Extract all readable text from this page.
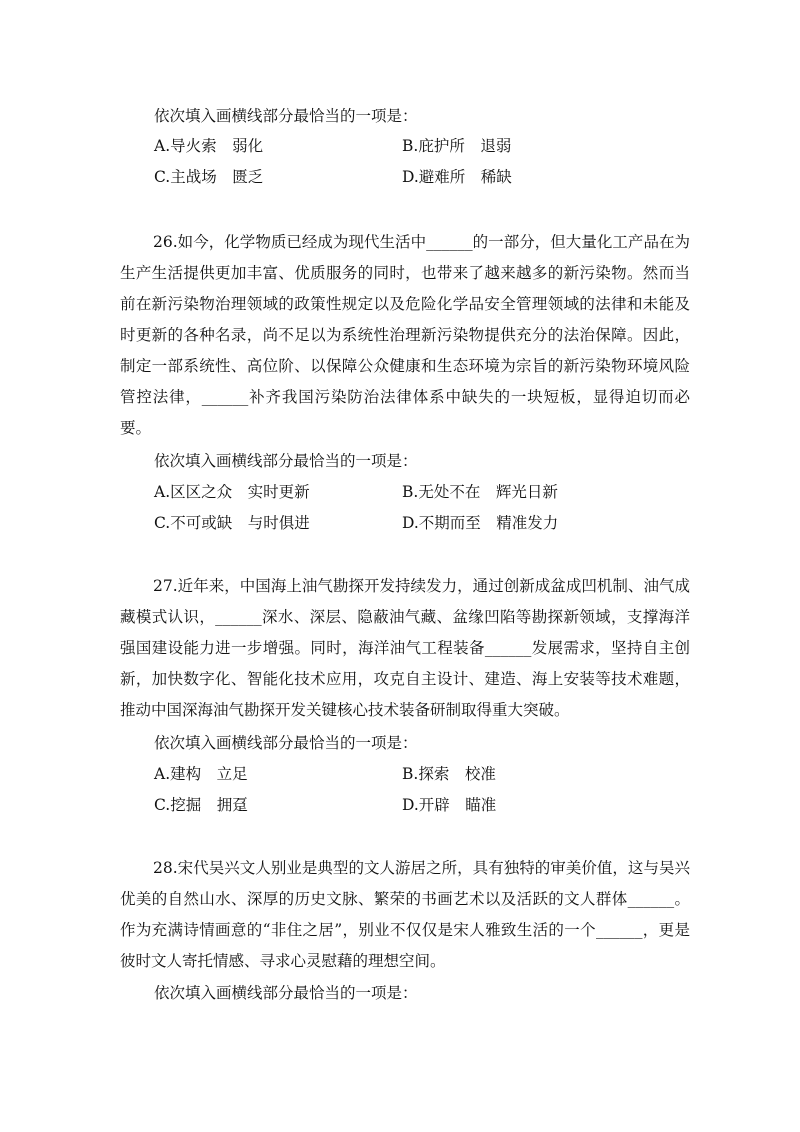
依次填入画横线部分最恰当的一项是：
A.导火索　弱化	B.庇护所　退弱
C.主战场　匮乏	D.避难所　稀缺
26.如今，化学物质已经成为现代生活中______的一部分，但大量化工产品在为生产生活提供更加丰富、优质服务的同时，也带来了越来越多的新污染物。然而当前在新污染物治理领域的政策性规定以及危险化学品安全管理领域的法律和未能及时更新的各种名录，尚不足以为系统性治理新污染物提供充分的法治保障。因此，制定一部系统性、高位阶、以保障公众健康和生态环境为宗旨的新污染物环境风险管控法律，______补齐我国污染防治法律体系中缺失的一块短板，显得迫切而必要。
依次填入画横线部分最恰当的一项是：
A.区区之众　实时更新	B.无处不在　辉光日新
C.不可或缺　与时俱进	D.不期而至　精准发力
27.近年来，中国海上油气勘探开发持续发力，通过创新成盆成凹机制、油气成藏模式认识，______深水、深层、隐蔽油气藏、盆缘凹陷等勘探新领域，支撑海洋强国建设能力进一步增强。同时，海洋油气工程装备______发展需求，坚持自主创新，加快数字化、智能化技术应用，攻克自主设计、建造、海上安装等技术难题，推动中国深海油气勘探开发关键核心技术装备研制取得重大突破。
依次填入画横线部分最恰当的一项是：
A.建构　立足	B.探索　校准
C.挖掘　拥趸	D.开辟　瞄准
28.宋代吴兴文人别业是典型的文人游居之所，具有独特的审美价值，这与吴兴优美的自然山水、深厚的历史文脉、繁荣的书画艺术以及活跃的文人群体______。作为充满诗情画意的“非住之居”，别业不仅仅是宋人雅致生活的一个______，更是彼时文人寄托情感、寻求心灵慰藉的理想空间。
依次填入画横线部分最恰当的一项是：
